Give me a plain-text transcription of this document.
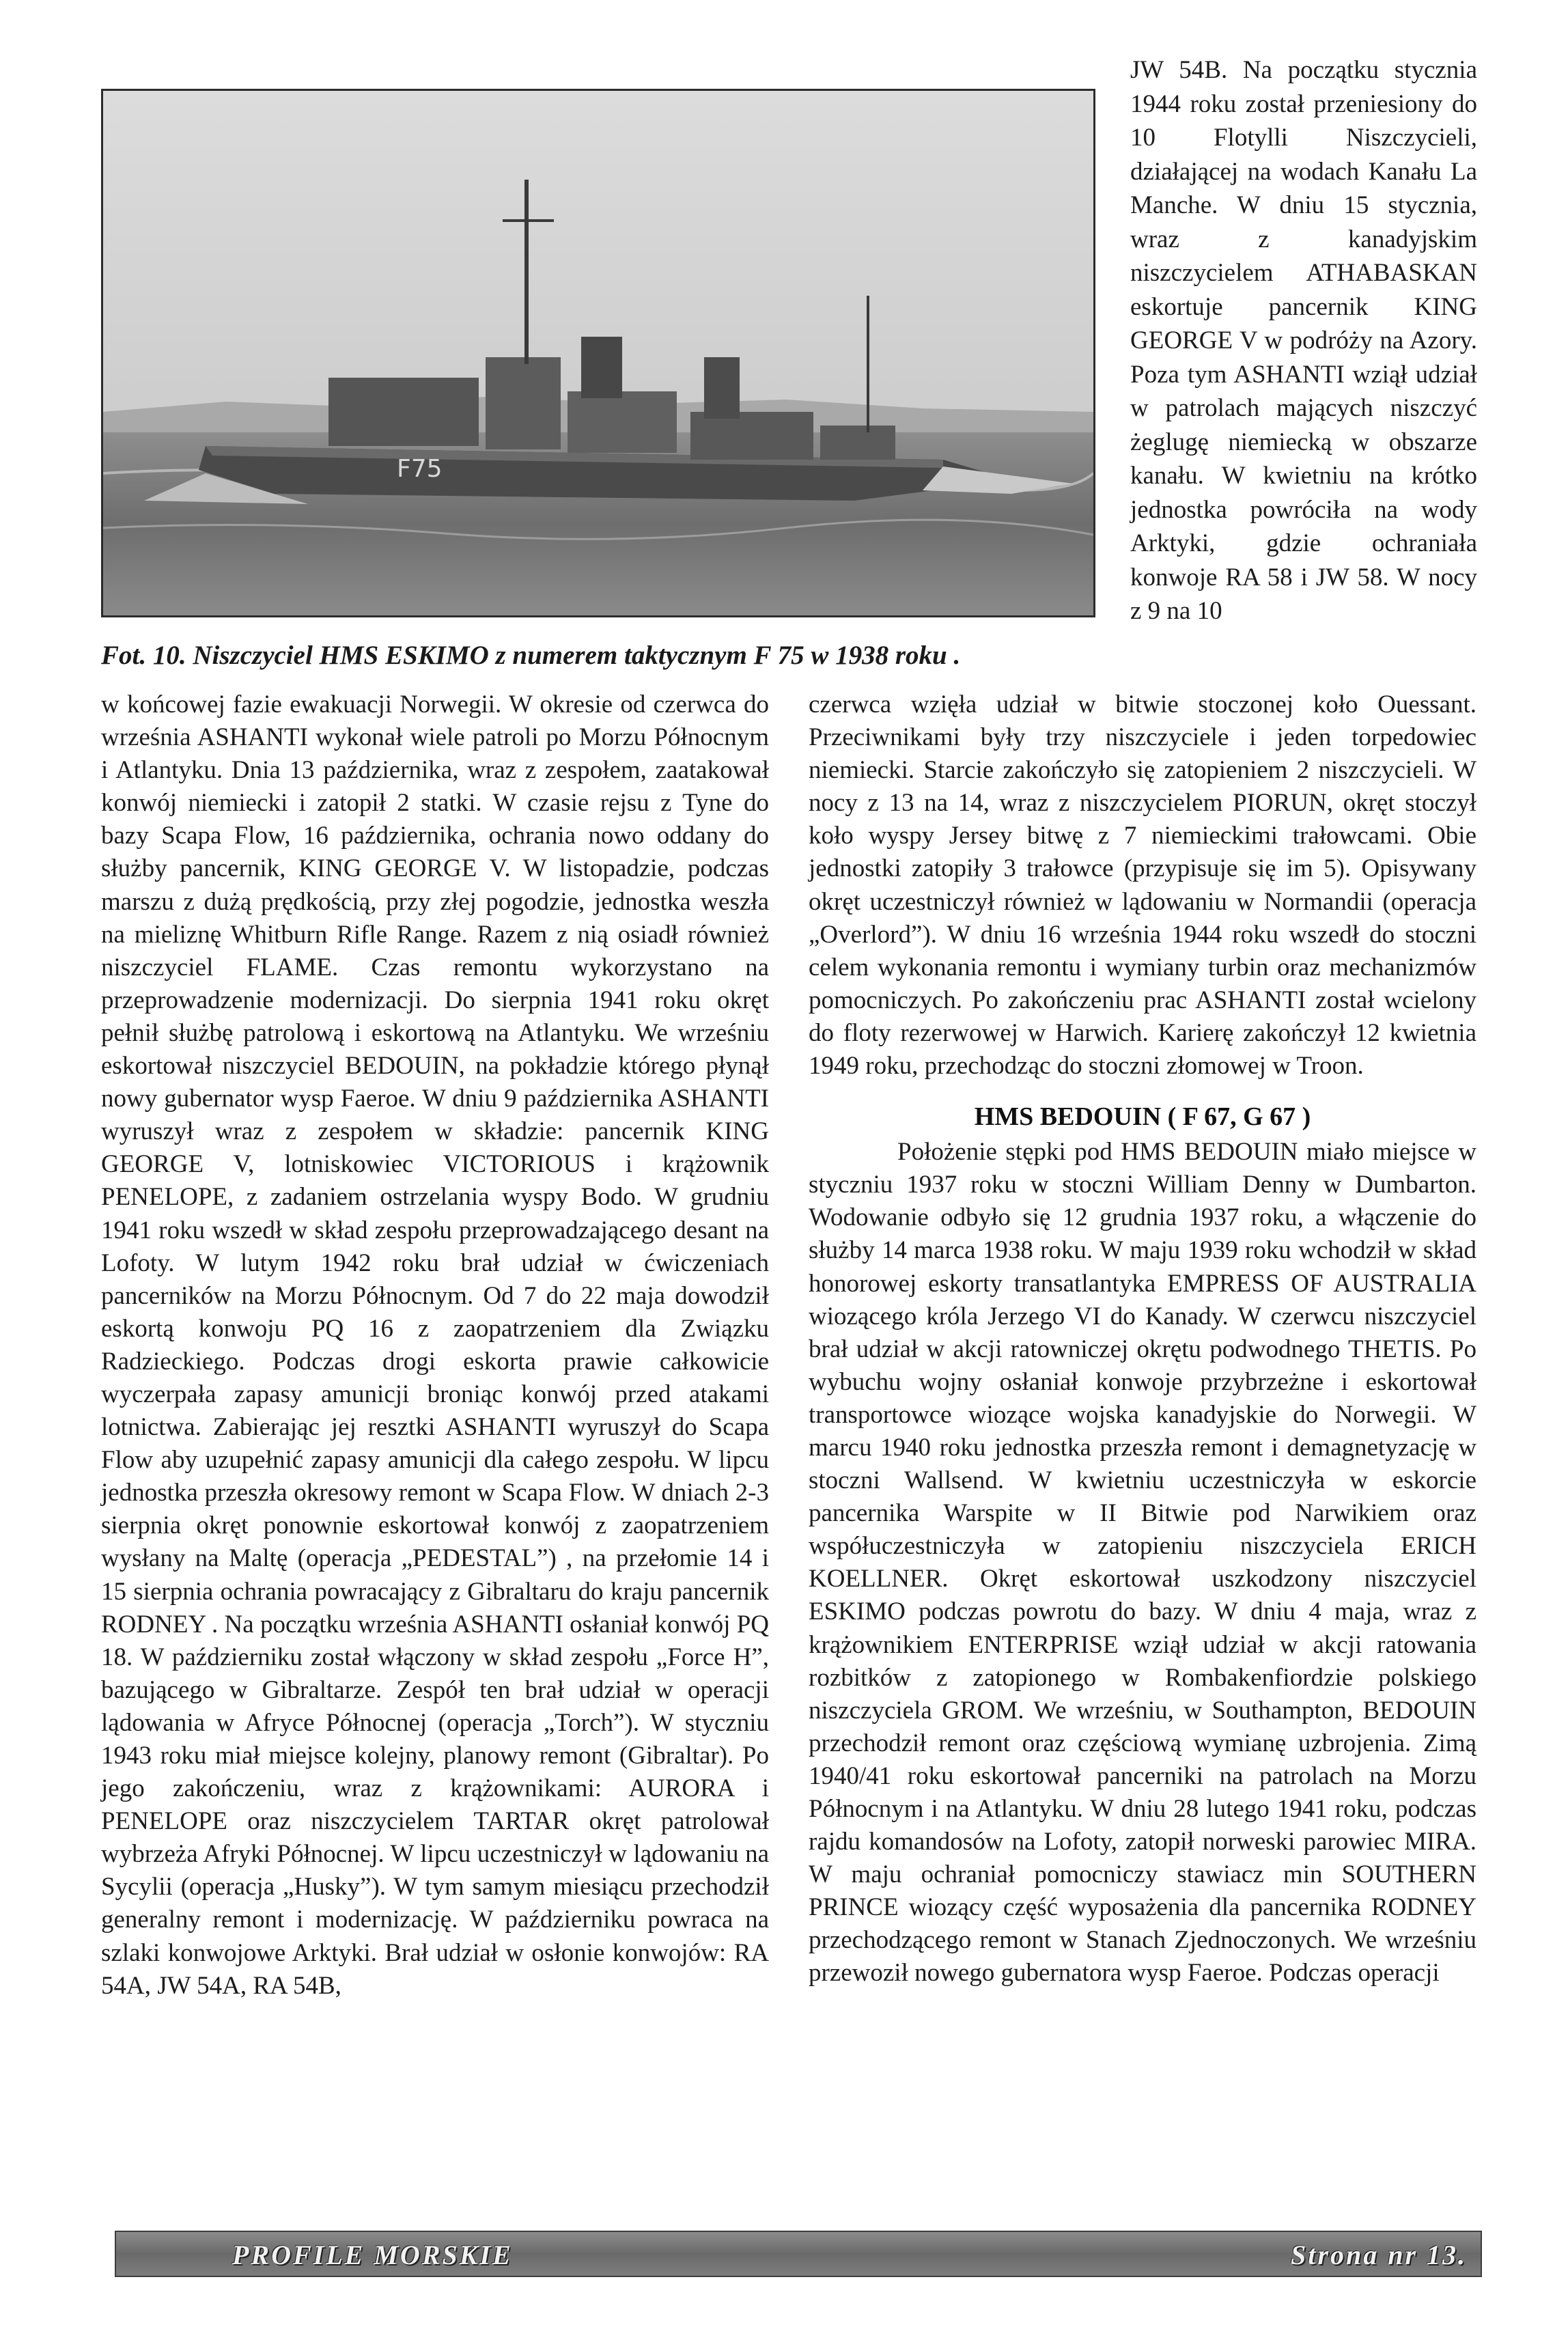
F75

JW 54B. Na początku stycznia 1944 roku został przeniesiony do 10 Flotylli Niszczycieli, działającej na wodach Kanału La Manche. W dniu 15 stycznia, wraz z kanadyjskim niszczycielem ATHABASKAN eskortuje pancernik KING GEORGE V w podróży na Azory. Poza tym ASHANTI wziął udział w patrolach mających niszczyć żeglugę niemiecką w obszarze kanału. W kwietniu na krótko jednostka powróciła na wody Arktyki, gdzie ochraniała konwoje RA 58 i JW 58. W nocy z 9 na 10

Fot. 10. Niszczyciel HMS ESKIMO z numerem taktycznym F 75 w 1938 roku .

w końcowej fazie ewakuacji Norwegii. W okresie od czerwca do września ASHANTI wykonał wiele patroli po Morzu Północnym i Atlantyku. Dnia 13 października, wraz z zespołem, zaatakował konwój niemiecki i zatopił 2 statki. W czasie rejsu z Tyne do bazy Scapa Flow, 16 października, ochrania nowo oddany do służby pancernik, KING GEORGE V. W listopadzie, podczas marszu z dużą prędkością, przy złej pogodzie, jednostka weszła na mieliznę Whitburn Rifle Range. Razem z nią osiadł również niszczyciel FLAME. Czas remontu wykorzystano na przeprowadzenie modernizacji. Do sierpnia 1941 roku okręt pełnił służbę patrolową i eskortową na Atlantyku. We wrześniu eskortował niszczyciel BEDOUIN, na pokładzie którego płynął nowy gubernator wysp Faeroe. W dniu 9 października ASHANTI wyruszył wraz z zespołem w składzie: pancernik KING GEORGE V, lotniskowiec VICTORIOUS i krążownik PENELOPE, z zadaniem ostrzelania wyspy Bodo. W grudniu 1941 roku wszedł w skład zespołu przeprowadzającego desant na Lofoty. W lutym 1942 roku brał udział w ćwiczeniach pancerników na Morzu Północnym. Od 7 do 22 maja dowodził eskortą konwoju PQ 16 z zaopatrzeniem dla Związku Radzieckiego. Podczas drogi eskorta prawie całkowicie wyczerpała zapasy amunicji broniąc konwój przed atakami lotnictwa. Zabierając jej resztki ASHANTI wyruszył do Scapa Flow aby uzupełnić zapasy amunicji dla całego zespołu. W lipcu jednostka przeszła okresowy remont w Scapa Flow. W dniach 2-3 sierpnia okręt ponownie eskortował konwój z zaopatrzeniem wysłany na Maltę (operacja „PEDESTAL”) , na przełomie 14 i 15 sierpnia ochrania powracający z Gibraltaru do kraju pancernik RODNEY . Na początku września ASHANTI osłaniał konwój PQ 18. W październiku został włączony w skład zespołu „Force H”, bazującego w Gibraltarze. Zespół ten brał udział w operacji lądowania w Afryce Północnej (operacja „Torch”). W styczniu 1943 roku miał miejsce kolejny, planowy remont (Gibraltar). Po jego zakończeniu, wraz z krążownikami: AURORA i PENELOPE oraz niszczycielem TARTAR okręt patrolował wybrzeża Afryki Północnej. W lipcu uczestniczył w lądowaniu na Sycylii (operacja „Husky”). W tym samym miesiącu przechodził generalny remont i modernizację. W październiku powraca na szlaki konwojowe Arktyki. Brał udział w osłonie konwojów: RA 54A, JW 54A, RA 54B,

czerwca wzięła udział w bitwie stoczonej koło Ouessant. Przeciwnikami były trzy niszczyciele i jeden torpedowiec niemiecki. Starcie zakończyło się zatopieniem 2 niszczycieli. W nocy z 13 na 14, wraz z niszczycielem PIORUN, okręt stoczył koło wyspy Jersey bitwę z 7 niemieckimi trałowcami. Obie jednostki zatopiły 3 trałowce (przypisuje się im 5). Opisywany okręt uczestniczył również w lądowaniu w Normandii (operacja „Overlord”). W dniu 16 września 1944 roku wszedł do stoczni celem wykonania remontu i wymiany turbin oraz mechanizmów pomocniczych. Po zakończeniu prac ASHANTI został wcielony do floty rezerwowej w Harwich. Karierę zakończył 12 kwietnia 1949 roku, przechodząc do stoczni złomowej w Troon.

HMS BEDOUIN ( F 67, G 67 )

Położenie stępki pod HMS BEDOUIN miało miejsce w styczniu 1937 roku w stoczni William Denny w Dumbarton. Wodowanie odbyło się 12 grudnia 1937 roku, a włączenie do służby 14 marca 1938 roku. W maju 1939 roku wchodził w skład honorowej eskorty transatlantyka EMPRESS OF AUSTRALIA wiozącego króla Jerzego VI do Kanady. W czerwcu niszczyciel brał udział w akcji ratowniczej okrętu podwodnego THETIS. Po wybuchu wojny osłaniał konwoje przybrzeżne i eskortował transportowce wiozące wojska kanadyjskie do Norwegii. W marcu 1940 roku jednostka przeszła remont i demagnetyzację w stoczni Wallsend. W kwietniu uczestniczyła w eskorcie pancernika Warspite w II Bitwie pod Narwikiem oraz współuczestniczyła w zatopieniu niszczyciela ERICH KOELLNER. Okręt eskortował uszkodzony niszczyciel ESKIMO podczas powrotu do bazy. W dniu 4 maja, wraz z krążownikiem ENTERPRISE wziął udział w akcji ratowania rozbitków z zatopionego w Rombakenfiordzie polskiego niszczyciela GROM. We wrześniu, w Southampton, BEDOUIN przechodził remont oraz częściową wymianę uzbrojenia. Zimą 1940/41 roku eskortował pancerniki na patrolach na Morzu Północnym i na Atlantyku. W dniu 28 lutego 1941 roku, podczas rajdu komandosów na Lofoty, zatopił norweski parowiec MIRA. W maju ochraniał pomocniczy stawiacz min SOUTHERN PRINCE wiozący część wyposażenia dla pancernika RODNEY przechodzącego remont w Stanach Zjednoczonych. We wrześniu przewoził nowego gubernatora wysp Faeroe. Podczas operacji

PROFILE MORSKIE	Strona nr 13.
